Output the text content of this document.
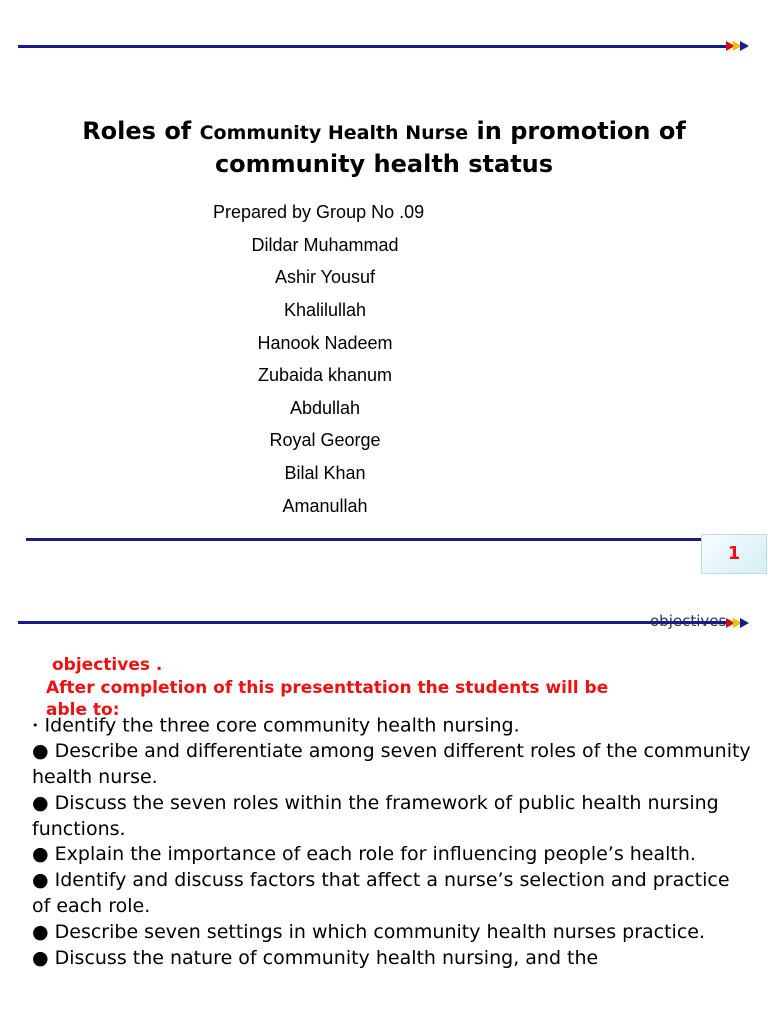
Roles of Community Health Nurse in promotion of
community health status
Prepared by Group No .09
Dildar Muhammad
Ashir Yousuf
Khalilullah
Hanook Nadeem
Zubaida khanum
Abdullah
Royal George
Bilal Khan
Amanullah
1
objectives .
After completion of this presenttation the students will be able to:
• Identify the three core community health nursing.
● Describe and differentiate among seven different roles of the community health nurse.
● Discuss the seven roles within the framework of public health nursing functions.
● Explain the importance of each role for influencing people’s health.
● Identify and discuss factors that affect a nurse’s selection and practice of each role.
● Describe seven settings in which community health nurses practice.
● Discuss the nature of community health nursing, and the
